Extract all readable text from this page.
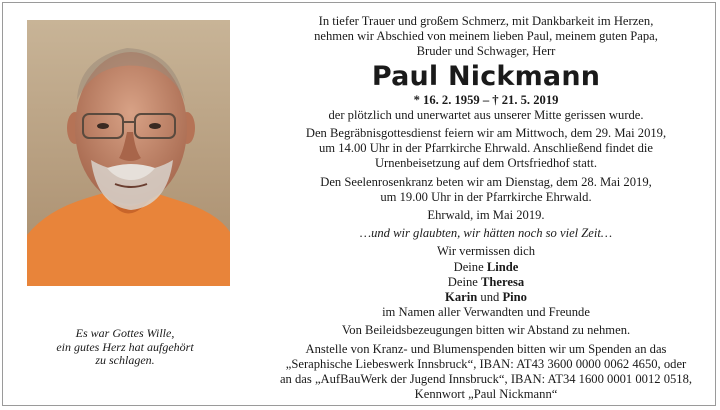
Es war Gottes Wille,
ein gutes Herz hat aufgehört
zu schlagen.

In tiefer Trauer und großem Schmerz, mit Dankbarkeit im Herzen,

nehmen wir Abschied von meinem lieben Paul, meinem guten Papa,

Bruder und Schwager, Herr

Paul Nickmann

* 16. 2. 1959 – † 21. 5. 2019

der plötzlich und unerwartet aus unserer Mitte gerissen wurde.

Den Begräbnisgottesdienst feiern wir am Mittwoch, dem 29. Mai 2019,

um 14.00 Uhr in der Pfarrkirche Ehrwald. Anschließend findet die

Urnenbeisetzung auf dem Ortsfriedhof statt.

Den Seelenrosenkranz beten wir am Dienstag, dem 28. Mai 2019,

um 19.00 Uhr in der Pfarrkirche Ehrwald.

Ehrwald, im Mai 2019.

…und wir glaubten, wir hätten noch so viel Zeit…

Wir vermissen dich

Deine Linde

Deine Theresa

Karin und Pino

im Namen aller Verwandten und Freunde

Von Beileidsbezeugungen bitten wir Abstand zu nehmen.

Anstelle von Kranz- und Blumenspenden bitten wir um Spenden an das

„Seraphische Liebeswerk Innsbruck“, IBAN: AT43 3600 0000 0062 4650, oder

an das „AufBauWerk der Jugend Innsbruck“, IBAN: AT34 1600 0001 0012 0518,

Kennwort „Paul Nickmann“
